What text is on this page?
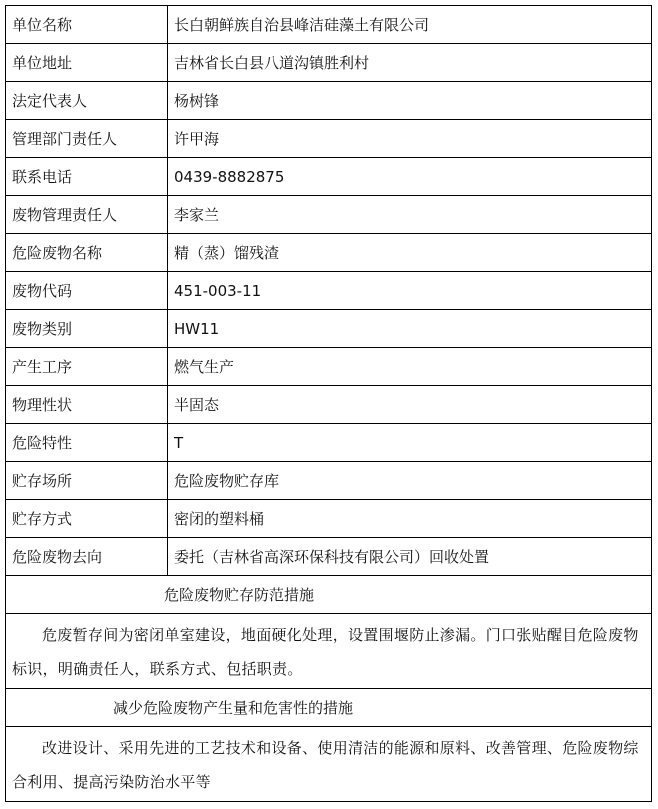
单位名称	长白朝鲜族自治县峰洁硅藻土有限公司
单位地址	吉林省长白县八道沟镇胜利村
法定代表人	杨树锋
管理部门责任人	许甲海
联系电话	0439-8882875
废物管理责任人	李家兰
危险废物名称	精（蒸）馏残渣
废物代码	451-003-11
废物类别	HW11
产生工序	燃气生产
物理性状	半固态
危险特性	T
贮存场所	危险废物贮存库
贮存方式	密闭的塑料桶
危险废物去向	委托（吉林省高深环保科技有限公司）回收处置
危险废物贮存防范措施	
危废暂存间为密闭单室建设，地面硬化处理，设置围堰防止渗漏。门口张贴醒目危险废物标识，明确责任人，联系方式、包括职责。	
减少危险废物产生量和危害性的措施	
改进设计、采用先进的工艺技术和设备、使用清洁的能源和原料、改善管理、危险废物综合利用、提高污染防治水平等	
